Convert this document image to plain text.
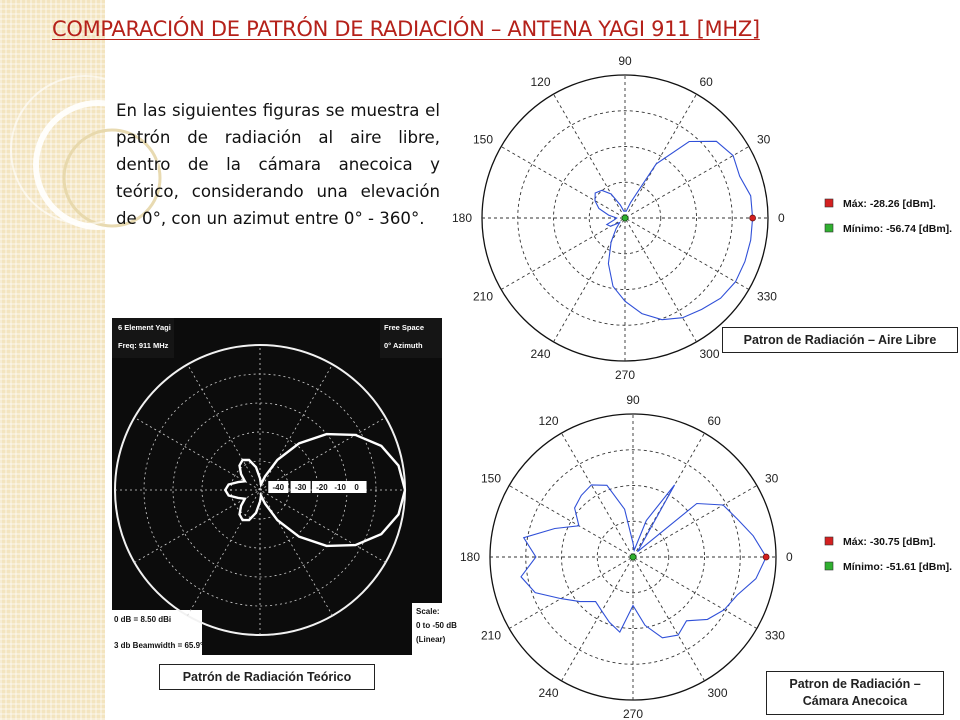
COMPARACIÓN DE PATRÓN DE RADIACIÓN – ANTENA YAGI 911 [MHZ]

En las siguientes figuras se muestra el patrón de radiación al aire libre, dentro de la cámara anecoica y teórico, considerando una elevación de 0°, con un azimut entre 0° - 360°.	0
30
60
90
120
150
180
210
240
270
300
330
Máx: -28.26 [dBm].
Mínimo: -56.74 [dBm].
Patron de Radiación – Aire Libre
0
30
60
90
120
150
180
210
240
270
300
330
Máx: -30.75 [dBm].
Mínimo: -51.61 [dBm].
Patron de Radiación – Cámara Anecoica
6 Element Yagi
Freq: 911 MHz
Free Space
0° Azimuth
0 dB = 8.50 dBi
3 db Beamwidth = 65.9°
Scale:
0 to -50 dB
(Linear)
-40 -30 -20 -10 0
Patrón de Radiación Teórico
